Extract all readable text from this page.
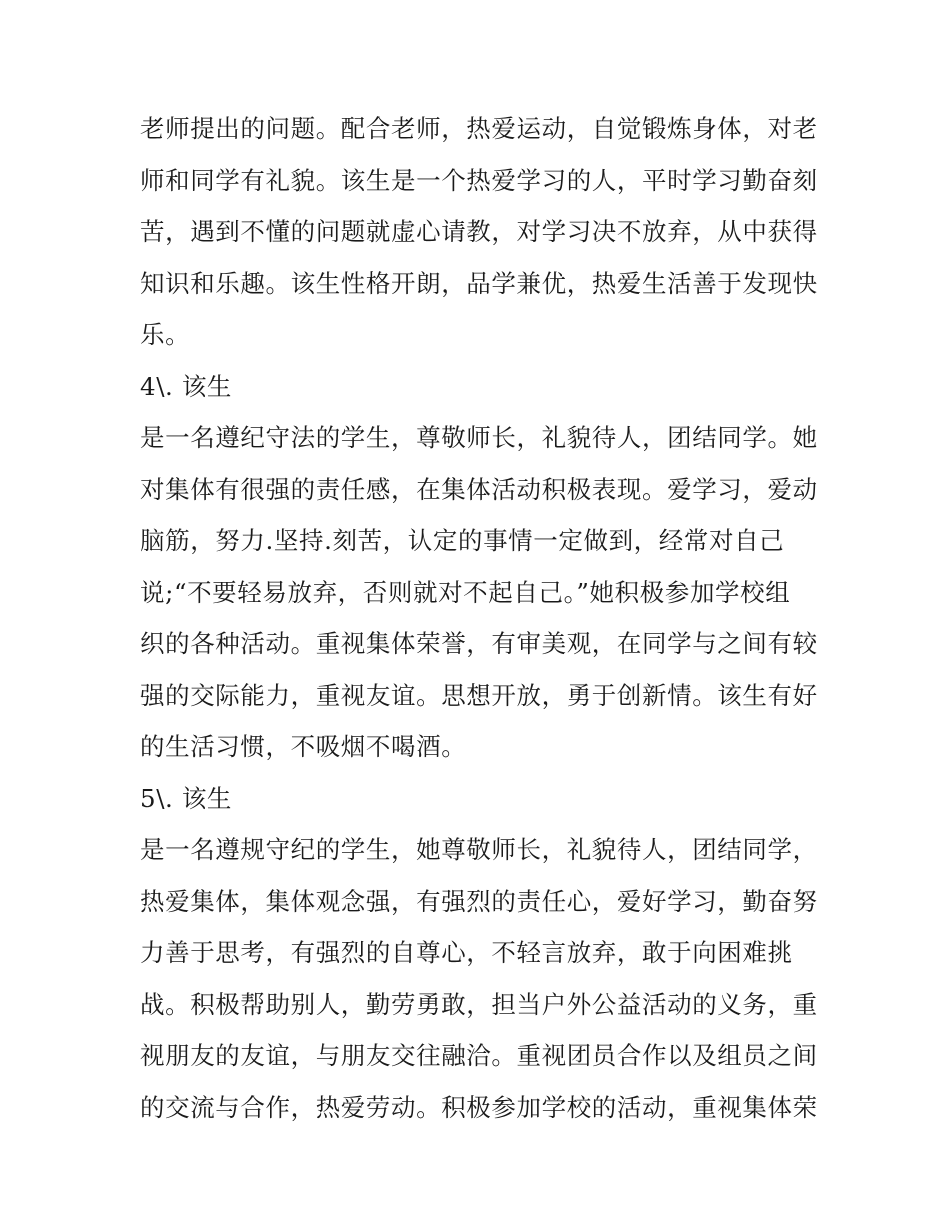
老师提出的问题。配合老师，热爱运动，自觉锻炼身体，对老
师和同学有礼貌。该生是一个热爱学习的人，平时学习勤奋刻
苦，遇到不懂的问题就虚心请教，对学习决不放弃，从中获得
知识和乐趣。该生性格开朗，品学兼优，热爱生活善于发现快
乐。
4\. 该生
是一名遵纪守法的学生，尊敬师长，礼貌待人，团结同学。她
对集体有很强的责任感，在集体活动积极表现。爱学习，爱动
脑筋，努力.坚持.刻苦，认定的事情一定做到，经常对自己
说;“不要轻易放弃，否则就对不起自己。”她积极参加学校组
织的各种活动。重视集体荣誉，有审美观，在同学与之间有较
强的交际能力，重视友谊。思想开放，勇于创新情。该生有好
的生活习惯，不吸烟不喝酒。
5\. 该生
是一名遵规守纪的学生，她尊敬师长，礼貌待人，团结同学，
热爱集体，集体观念强，有强烈的责任心，爱好学习，勤奋努
力善于思考，有强烈的自尊心，不轻言放弃，敢于向困难挑
战。积极帮助别人，勤劳勇敢，担当户外公益活动的义务，重
视朋友的友谊，与朋友交往融洽。重视团员合作以及组员之间
的交流与合作，热爱劳动。积极参加学校的活动，重视集体荣
